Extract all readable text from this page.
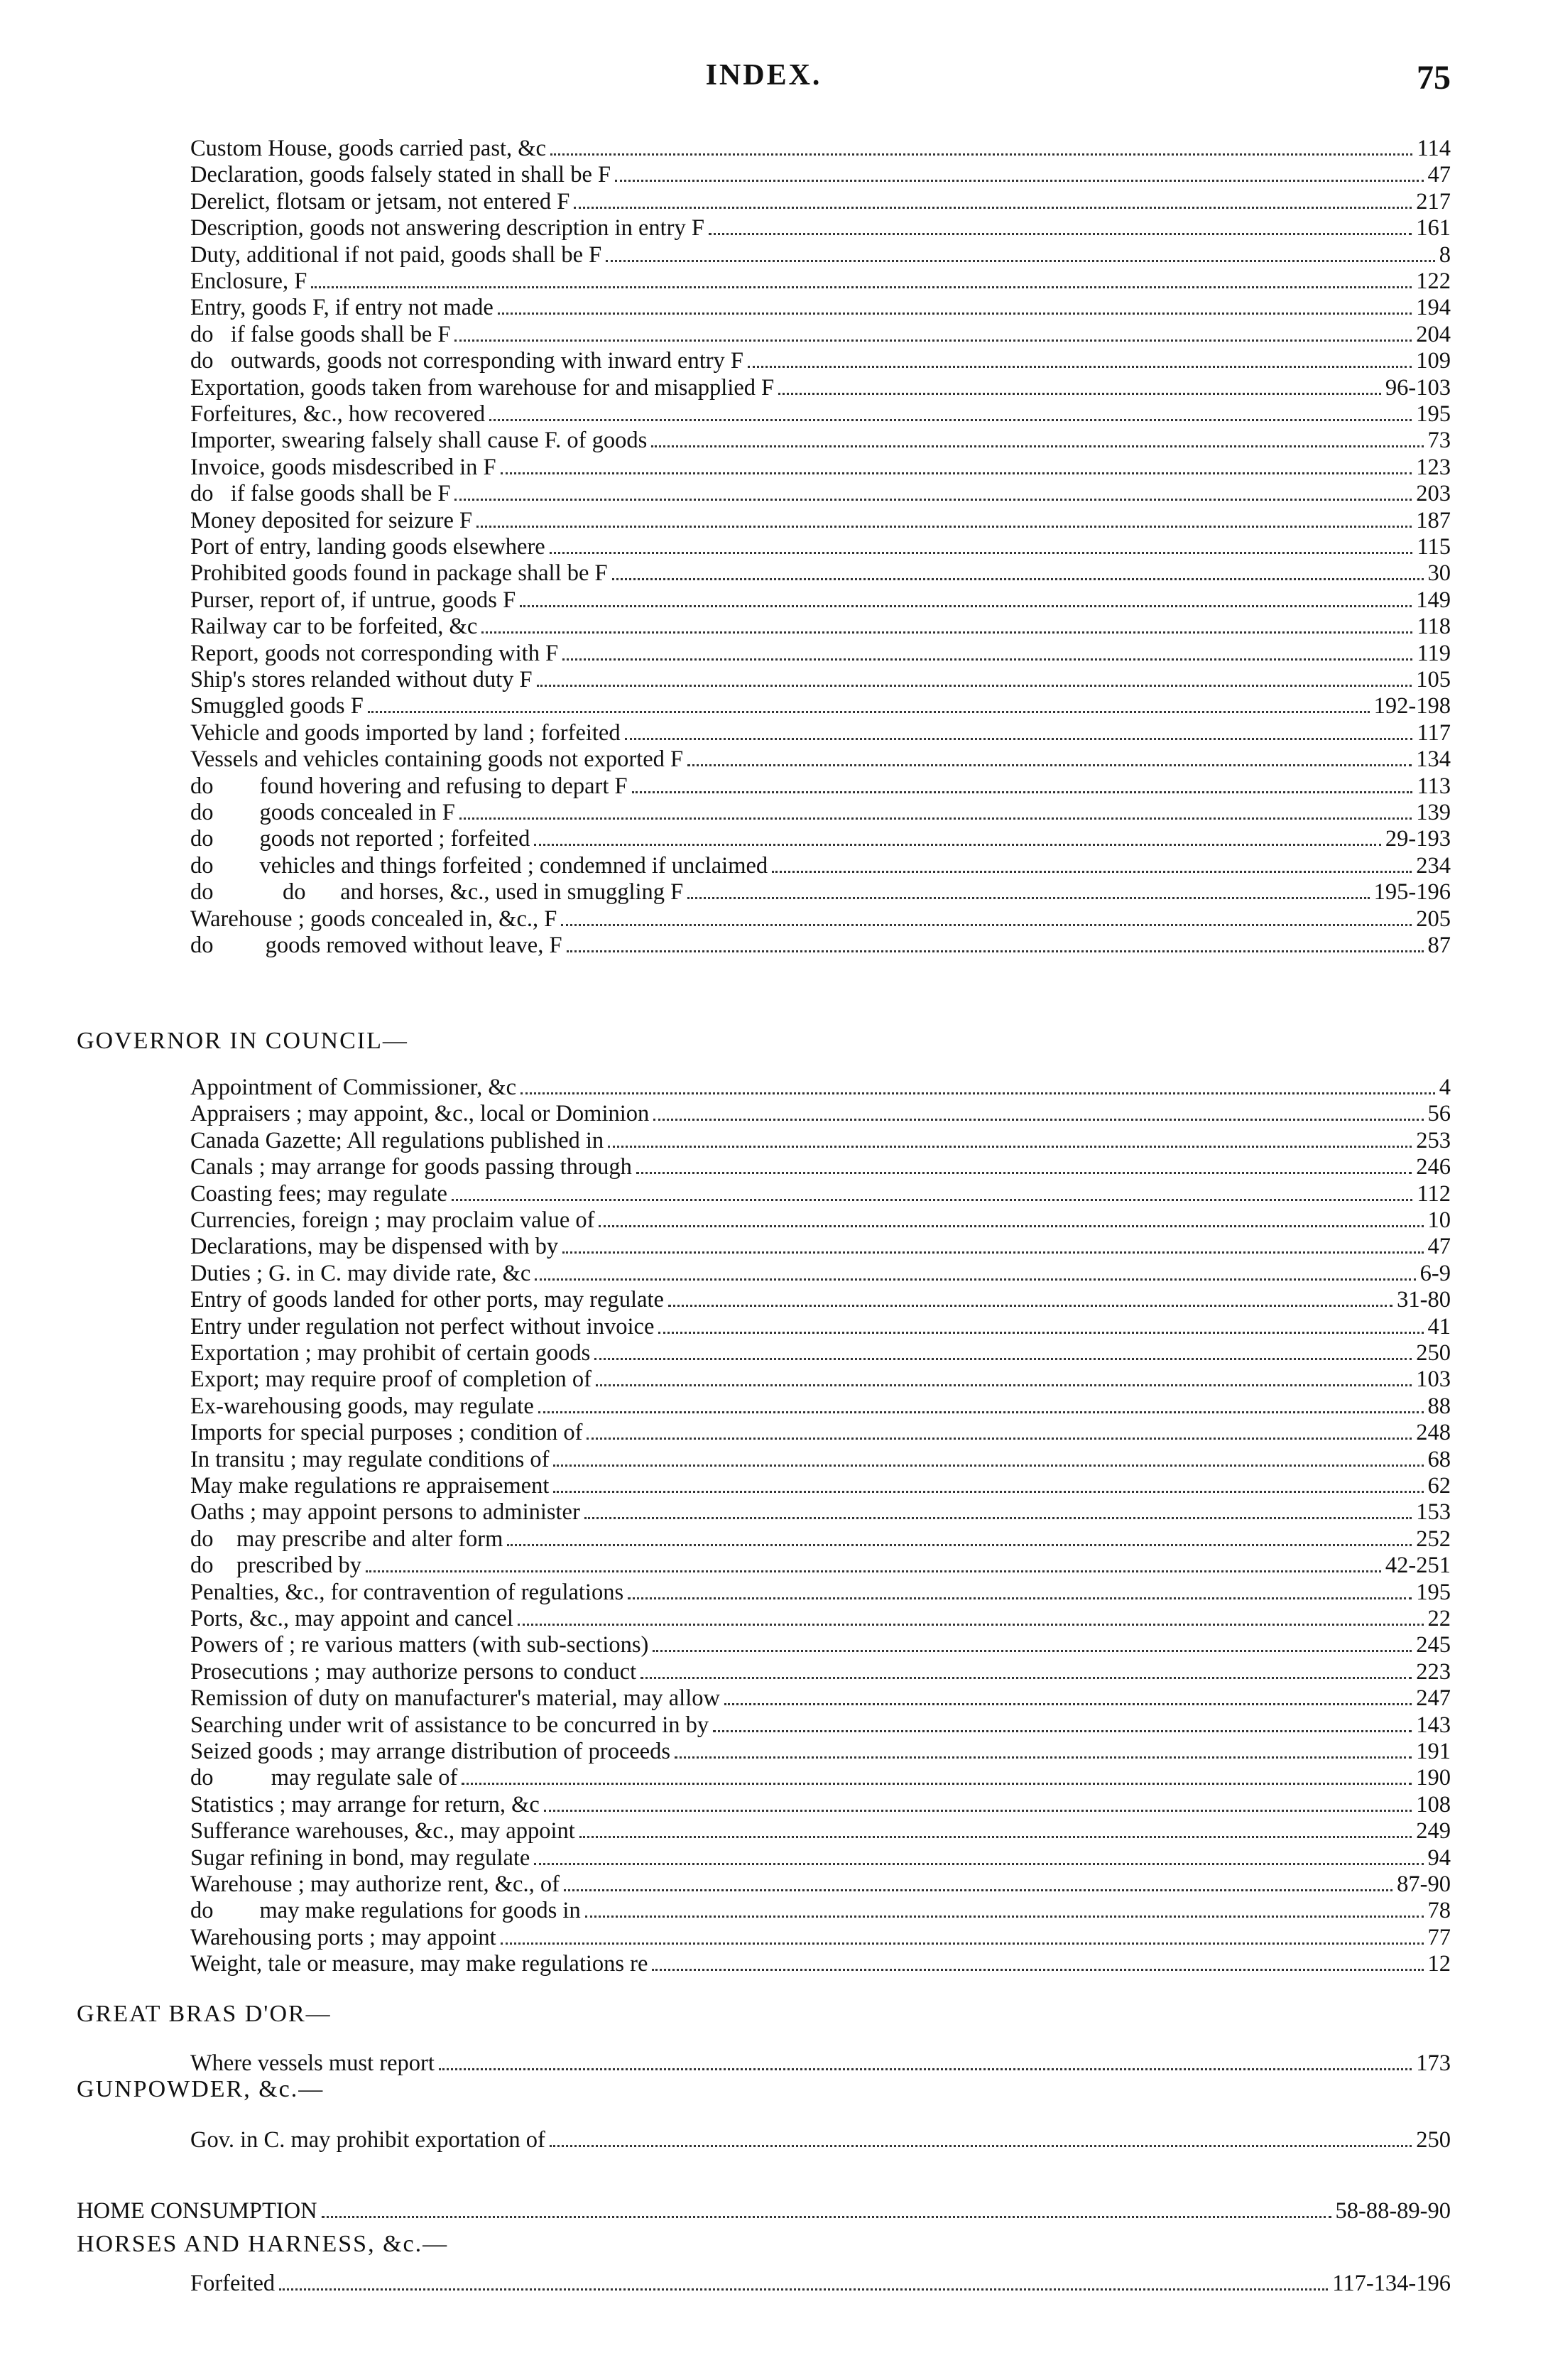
INDEX.	75
Custom House, goods carried past, &c	114
Declaration, goods falsely stated in shall be F	47
Derelict, flotsam or jetsam, not entered F	217
Description, goods not answering description in entry F	161
Duty, additional if not paid, goods shall be F	8
Enclosure, F	122
Entry, goods F, if entry not made	194
do   if false goods shall be F	204
do   outwards, goods not corresponding with inward entry F	109
Exportation, goods taken from warehouse for and misapplied F	96-103
Forfeitures, &c., how recovered	195
Importer, swearing falsely shall cause F. of goods	73
Invoice, goods misdescribed in F	123
do   if false goods shall be F	203
Money deposited for seizure F	187
Port of entry, landing goods elsewhere	115
Prohibited goods found in package shall be F	30
Purser, report of, if untrue, goods F	149
Railway car to be forfeited, &c	118
Report, goods not corresponding with F	119
Ship's stores relanded without duty F	105
Smuggled goods F	192-198
Vehicle and goods imported by land ; forfeited	117
Vessels and vehicles containing goods not exported F	134
do        found hovering and refusing to depart F	113
do        goods concealed in F	139
do        goods not reported ; forfeited	29-193
do        vehicles and things forfeited ; condemned if unclaimed	234
do            do      and horses, &c., used in smuggling F	195-196
Warehouse ; goods concealed in, &c., F	205
do         goods removed without leave, F	87
GOVERNOR IN COUNCIL—
Appointment of Commissioner, &c	4
Appraisers ; may appoint, &c., local or Dominion	56
Canada Gazette; All regulations published in	253
Canals ; may arrange for goods passing through	246
Coasting fees; may regulate	112
Currencies, foreign ; may proclaim value of	10
Declarations, may be dispensed with by	47
Duties ; G. in C. may divide rate, &c	6-9
Entry of goods landed for other ports, may regulate	31-80
Entry under regulation not perfect without invoice	41
Exportation ; may prohibit of certain goods	250
Export; may require proof of completion of	103
Ex-warehousing goods, may regulate	88
Imports for special purposes ; condition of	248
In transitu ; may regulate conditions of	68
May make regulations re appraisement	62
Oaths ; may appoint persons to administer	153
do    may prescribe and alter form	252
do    prescribed by	42-251
Penalties, &c., for contravention of regulations	195
Ports, &c., may appoint and cancel	22
Powers of ; re various matters (with sub-sections)	245
Prosecutions ; may authorize persons to conduct	223
Remission of duty on manufacturer's material, may allow	247
Searching under writ of assistance to be concurred in by	143
Seized goods ; may arrange distribution of proceeds	191
do          may regulate sale of	190
Statistics ; may arrange for return, &c	108
Sufferance warehouses, &c., may appoint	249
Sugar refining in bond, may regulate	94
Warehouse ; may authorize rent, &c., of	87-90
do        may make regulations for goods in	78
Warehousing ports ; may appoint	77
Weight, tale or measure, may make regulations re	12
GREAT BRAS D'OR—
Where vessels must report	173
GUNPOWDER, &c.—
Gov. in C. may prohibit exportation of	250
HOME CONSUMPTION	58-88-89-90
HORSES AND HARNESS, &c.—
Forfeited	117-134-196
